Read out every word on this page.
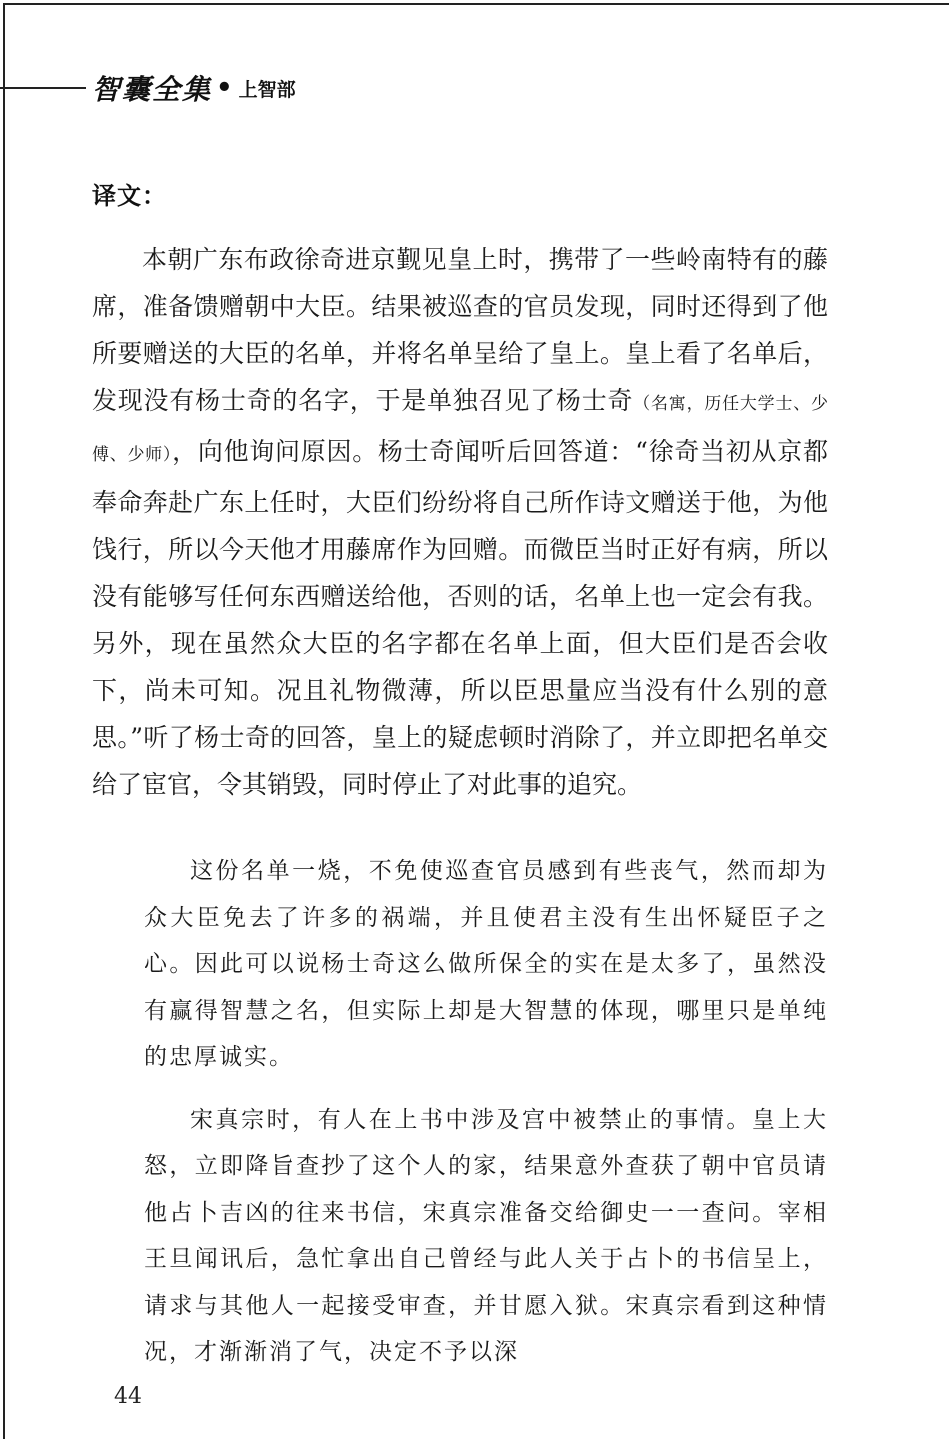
智囊全集 • 上智部
译文：

本朝广东布政徐奇进京觐见皇上时，携带了一些岭南特有的藤席，准备馈赠朝中大臣。结果被巡查的官员发现，同时还得到了他所要赠送的大臣的名单，并将名单呈给了皇上。皇上看了名单后，发现没有杨士奇的名字，于是单独召见了杨士奇（名寓，历任大学士、少傅、少师），向他询问原因。杨士奇闻听后回答道：“徐奇当初从京都奉命奔赴广东上任时，大臣们纷纷将自己所作诗文赠送于他，为他饯行，所以今天他才用藤席作为回赠。而微臣当时正好有病，所以没有能够写任何东西赠送给他，否则的话，名单上也一定会有我。另外，现在虽然众大臣的名字都在名单上面，但大臣们是否会收下，尚未可知。况且礼物微薄，所以臣思量应当没有什么别的意思。”听了杨士奇的回答，皇上的疑虑顿时消除了，并立即把名单交给了宦官，令其销毁，同时停止了对此事的追究。

这份名单一烧，不免使巡查官员感到有些丧气，然而却为众大臣免去了许多的祸端，并且使君主没有生出怀疑臣子之心。因此可以说杨士奇这么做所保全的实在是太多了，虽然没有赢得智慧之名，但实际上却是大智慧的体现，哪里只是单纯的忠厚诚实。

宋真宗时，有人在上书中涉及宫中被禁止的事情。皇上大怒，立即降旨查抄了这个人的家，结果意外查获了朝中官员请他占卜吉凶的往来书信，宋真宗准备交给御史一一查问。宰相王旦闻讯后，急忙拿出自己曾经与此人关于占卜的书信呈上，请求与其他人一起接受审查，并甘愿入狱。宋真宗看到这种情况，才渐渐消了气，决定不予以深

44
